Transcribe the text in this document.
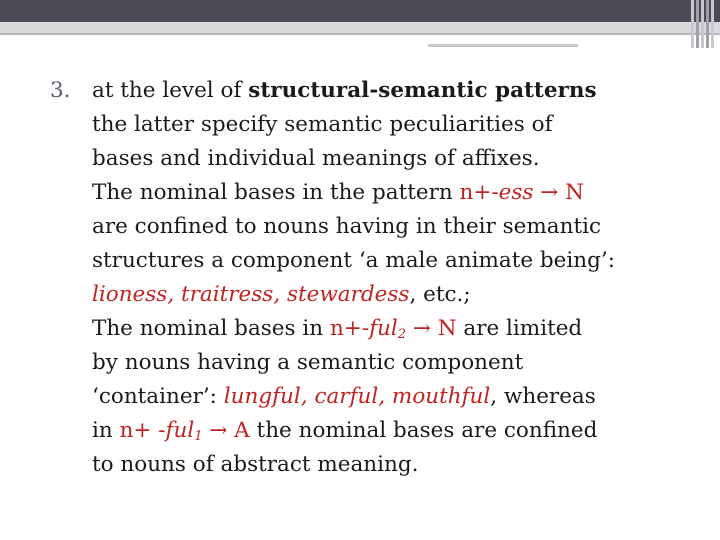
3. at the level of structural-semantic patterns
the latter specify semantic peculiarities of
bases and individual meanings of affixes.
The nominal bases in the pattern n+-ess → N
are confined to nouns having in their semantic
structures a component ‘a male animate being’:
lioness, traitress, stewardess, etc.;
The nominal bases in n+-ful$_2$ → N are limited
by nouns having a semantic component
‘container’: lungful, carful, mouthful, whereas
in n+ -ful$_1$ → A the nominal bases are confined
to nouns of abstract meaning.
